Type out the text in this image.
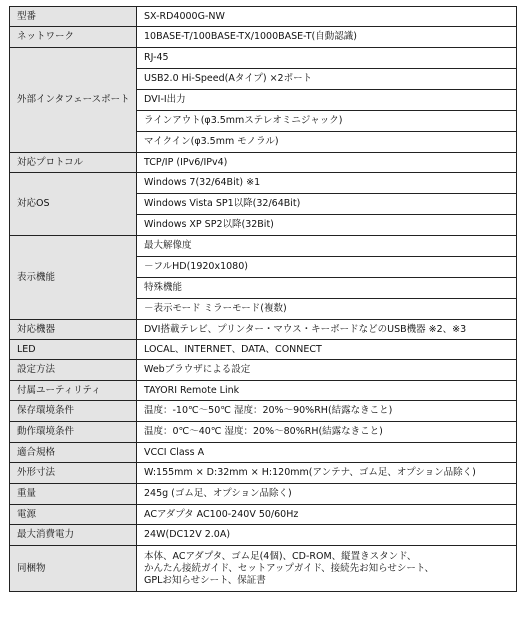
型番	SX-RD4000G-NW
ネットワーク	10BASE-T/100BASE-TX/1000BASE-T(自動認識)
外部インタフェースポート	RJ-45
	USB2.0 Hi-Speed(Aタイプ) ×2ポート
	DVI-I出力
	ラインアウト(φ3.5mmステレオミニジャック)
	マイクイン(φ3.5mm モノラル)
対応プロトコル	TCP/IP (IPv6/IPv4)
対応OS	Windows 7(32/64Bit) ※1
	Windows Vista SP1以降(32/64Bit)
	Windows XP SP2以降(32Bit)
表示機能	最大解像度
	－フルHD(1920x1080)
	特殊機能
	－表示モード ミラーモード(複数)
対応機器	DVI搭載テレビ、プリンター・マウス・キーボードなどのUSB機器 ※2、※3
LED	LOCAL、INTERNET、DATA、CONNECT
設定方法	Webブラウザによる設定
付属ユーティリティ	TAYORI Remote Link
保存環境条件	温度：-10℃～50℃ 湿度：20%～90%RH(結露なきこと)
動作環境条件	温度：0℃～40℃ 湿度：20%～80%RH(結露なきこと)
適合規格	VCCI Class A
外形寸法	W:155mm × D:32mm × H:120mm(アンテナ、ゴム足、オプション品除く)
重量	245g (ゴム足、オプション品除く)
電源	ACアダプタ AC100-240V 50/60Hz
最大消費電力	24W(DC12V 2.0A)
同梱物	本体、ACアダプタ、ゴム足(4個)、CD-ROM、縦置きスタンド、
かんたん接続ガイド、セットアップガイド、接続先お知らせシート、
GPLお知らせシート、保証書
